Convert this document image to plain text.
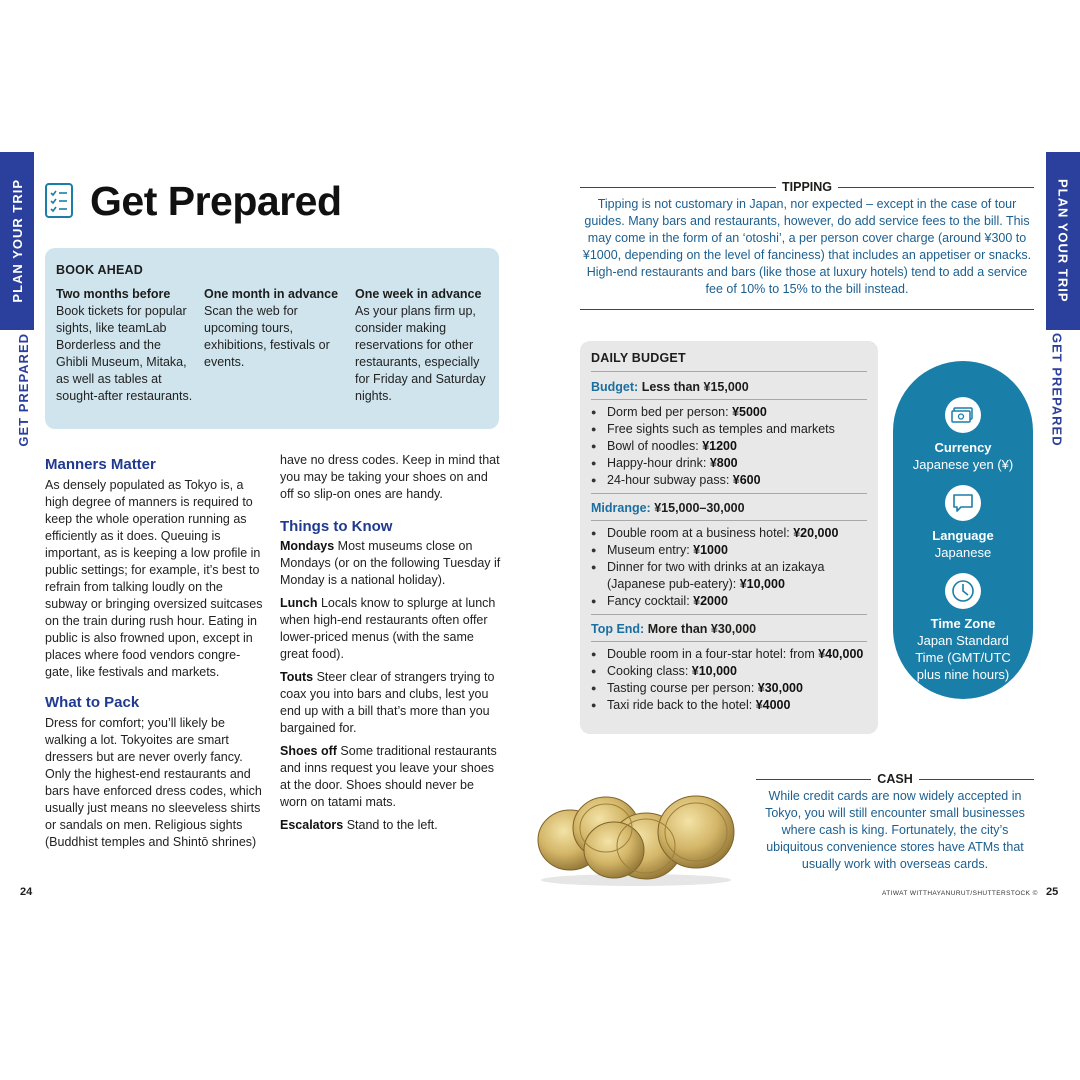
PLAN YOUR TRIP
GET PREPARED
PLAN YOUR TRIP
GET PREPARED
Get Prepared
BOOK AHEAD
Two months before
Book tickets for popular sights, like teamLab Borderless and the Ghibli Museum, Mitaka, as well as tables at sought-after restaurants.
One month in advance
Scan the web for upcoming tours, exhibitions, festivals or events.
One week in advance
As your plans firm up, consider making reservations for other restaurants, especially for Friday and Saturday nights.
Manners Matter
As densely populated as Tokyo is, a high degree of manners is required to keep the whole operation running as efficiently as it does. Queuing is important, as is keeping a low profile in public settings; for example, it’s best to refrain from talking loudly on the subway or bringing oversized suitcases on the train during rush hour. Eating in public is also frowned upon, except in places where food vendors congre-gate, like festivals and markets.
What to Pack
Dress for comfort; you’ll likely be walking a lot. Tokyoites are smart dressers but are never overly fancy. Only the highest-end restaurants and bars have enforced dress codes, which usually just means no sleeveless shirts or sandals on men. Religious sights (Buddhist temples and Shintō shrines)
have no dress codes. Keep in mind that you may be taking your shoes on and off so slip-on ones are handy.
Things to Know
Mondays Most museums close on Mondays (or on the following Tuesday if Monday is a national holiday).
Lunch Locals know to splurge at lunch when high-end restaurants often offer lower-priced menus (with the same great food).
Touts Steer clear of strangers trying to coax you into bars and clubs, lest you end up with a bill that’s more than you bargained for.
Shoes off Some traditional restaurants and inns request you leave your shoes at the door. Shoes should never be worn on tatami mats.
Escalators Stand to the left.
TIPPING
Tipping is not customary in Japan, nor expected – except in the case of tour guides. Many bars and restaurants, however, do add service fees to the bill. This may come in the form of an ‘otoshi’, a per person cover charge (around ¥300 to ¥1000, depending on the level of fanciness) that includes an appetiser or snacks. High-end restaurants and bars (like those at luxury hotels) tend to add a service fee of 10% to 15% to the bill instead.
DAILY BUDGET
Budget: Less than ¥15,000
● Dorm bed per person: ¥5000
● Free sights such as temples and markets
● Bowl of noodles: ¥1200
● Happy-hour drink: ¥800
● 24-hour subway pass: ¥600
Midrange: ¥15,000–30,000
● Double room at a business hotel: ¥20,000
● Museum entry: ¥1000
● Dinner for two with drinks at an izakaya (Japanese pub-eatery): ¥10,000
● Fancy cocktail: ¥2000
Top End: More than ¥30,000
● Double room in a four-star hotel: from ¥40,000
● Cooking class: ¥10,000
● Tasting course per person: ¥30,000
● Taxi ride back to the hotel: ¥4000
Currency
Japanese yen (¥)
Language
Japanese
Time Zone
Japan Standard Time (GMT/UTC plus nine hours)
CASH
While credit cards are now widely accepted in Tokyo, you will still encounter small businesses where cash is king. Fortunately, the city’s ubiquitous convenience stores have ATMs that usually work with overseas cards.
24	ATIWAT WITTHAYANURUT/SHUTTERSTOCK © 25
